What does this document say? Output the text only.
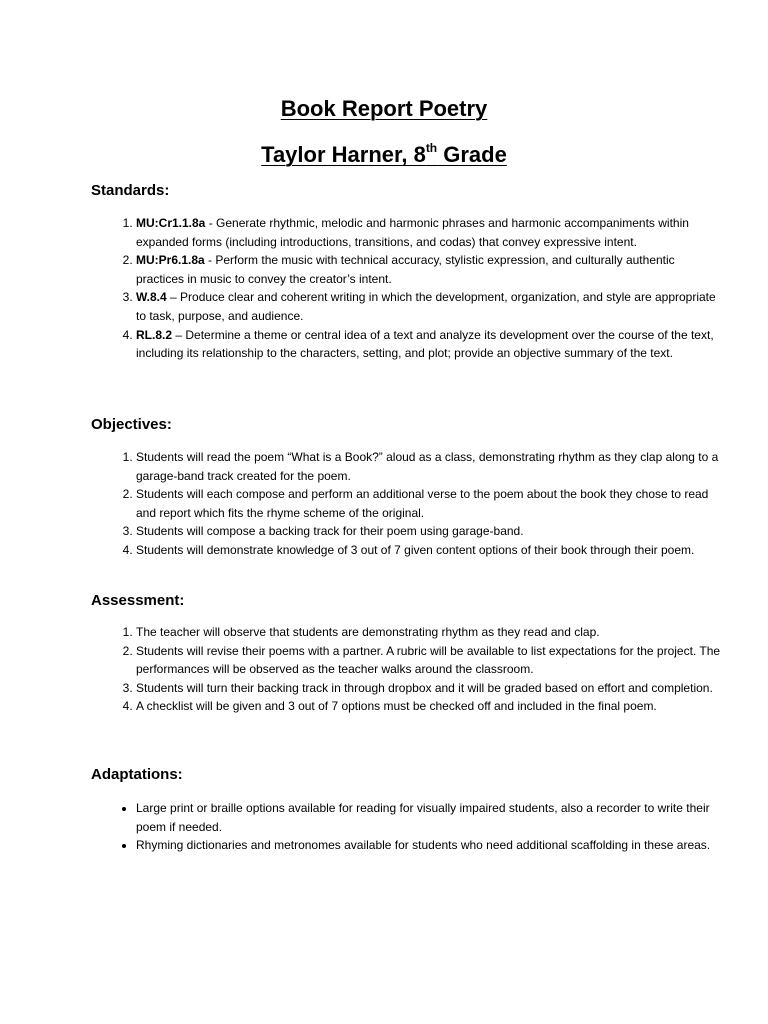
Book Report Poetry
Taylor Harner, 8th Grade
Standards:
1. MU:Cr1.1.8a - Generate rhythmic, melodic and harmonic phrases and harmonic accompaniments within expanded forms (including introductions, transitions, and codas) that convey expressive intent.
2. MU:Pr6.1.8a - Perform the music with technical accuracy, stylistic expression, and culturally authentic practices in music to convey the creator’s intent.
3. W.8.4 – Produce clear and coherent writing in which the development, organization, and style are appropriate to task, purpose, and audience.
4. RL.8.2 – Determine a theme or central idea of a text and analyze its development over the course of the text, including its relationship to the characters, setting, and plot; provide an objective summary of the text.
Objectives:
1. Students will read the poem “What is a Book?” aloud as a class, demonstrating rhythm as they clap along to a garage-band track created for the poem.
2. Students will each compose and perform an additional verse to the poem about the book they chose to read and report which fits the rhyme scheme of the original.
3. Students will compose a backing track for their poem using garage-band.
4. Students will demonstrate knowledge of 3 out of 7 given content options of their book through their poem.
Assessment:
1. The teacher will observe that students are demonstrating rhythm as they read and clap.
2. Students will revise their poems with a partner. A rubric will be available to list expectations for the project. The performances will be observed as the teacher walks around the classroom.
3. Students will turn their backing track in through dropbox and it will be graded based on effort and completion.
4. A checklist will be given and 3 out of 7 options must be checked off and included in the final poem.
Adaptations:
• Large print or braille options available for reading for visually impaired students, also a recorder to write their poem if needed.
• Rhyming dictionaries and metronomes available for students who need additional scaffolding in these areas.
